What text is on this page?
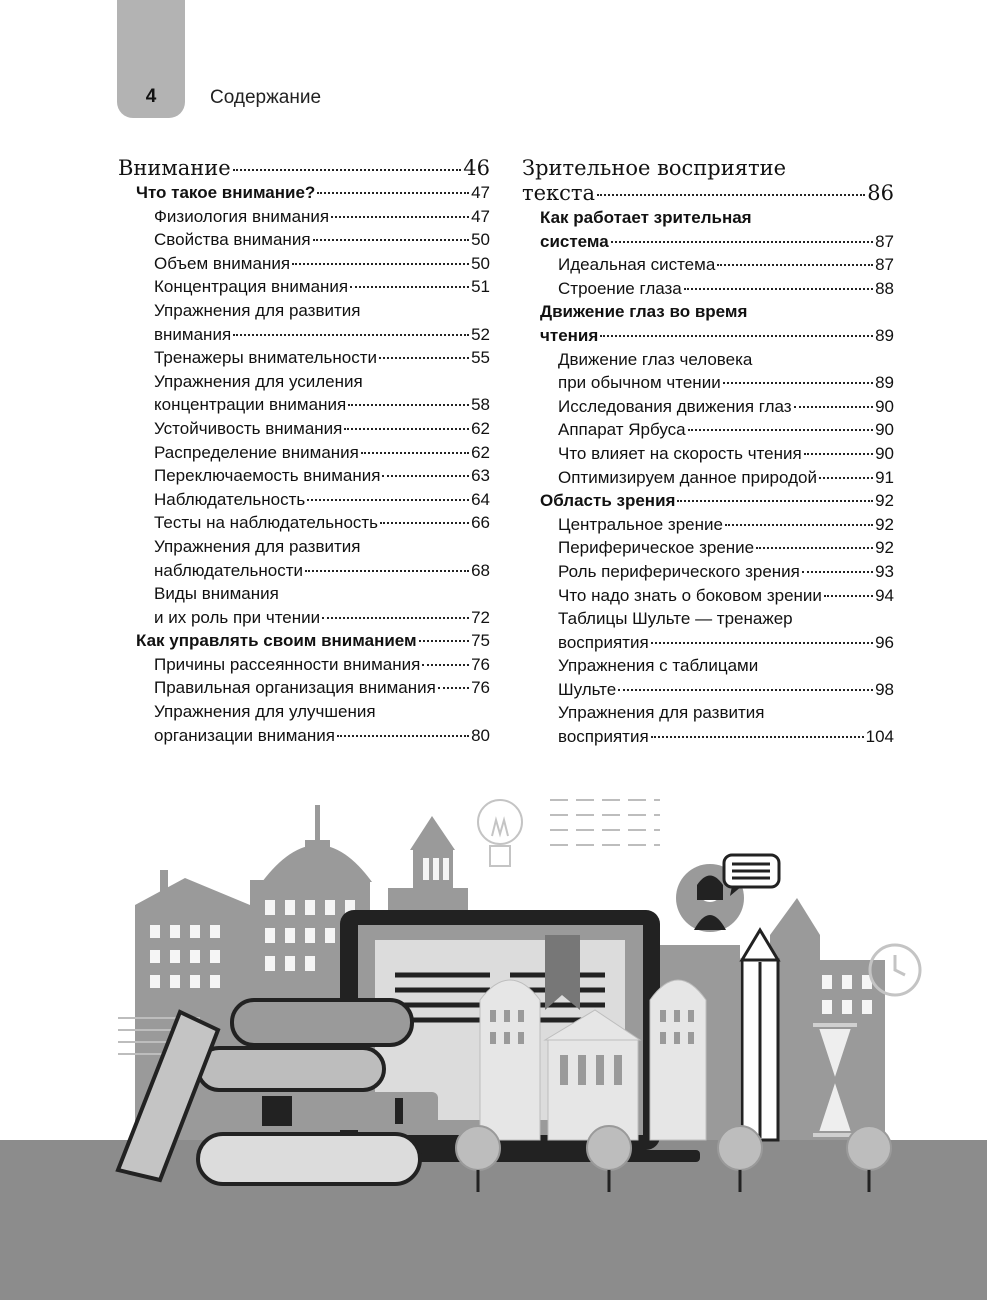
4	Содержание
Внимание	46
Что такое внимание?	47
Физиология внимания	47
Свойства внимания	50
Объем внимания	50
Концентрация внимания	51
Упражнения для развития
внимания	52
Тренажеры внимательности	55
Упражнения для усиления
концентрации внимания	58
Устойчивость внимания	62
Распределение внимания	62
Переключаемость внимания	63
Наблюдательность	64
Тесты на наблюдательность	66
Упражнения для развития
наблюдательности	68
Виды внимания
и их роль при чтении	72
Как управлять своим вниманием	75
Причины рассеянности внимания	76
Правильная организация внимания 76
Упражнения для улучшения
организации внимания	80
Зрительное восприятие
текста	86
Как работает зрительная
система	87
Идеальная система	87
Строение глаза	88
Движение глаз во время
чтения	89
Движение глаз человека
при обычном чтении	89
Исследования движения глаз	90
Аппарат Ярбуса	90
Что влияет на скорость чтения	90
Оптимизируем данное природой	91
Область зрения	92
Центральное зрение	92
Периферическое зрение	92
Роль периферического зрения	93
Что надо знать о боковом зрении	94
Таблицы Шульте — тренажер
восприятия	96
Упражнения с таблицами
Шульте	98
Упражнения для развития
восприятия	104
